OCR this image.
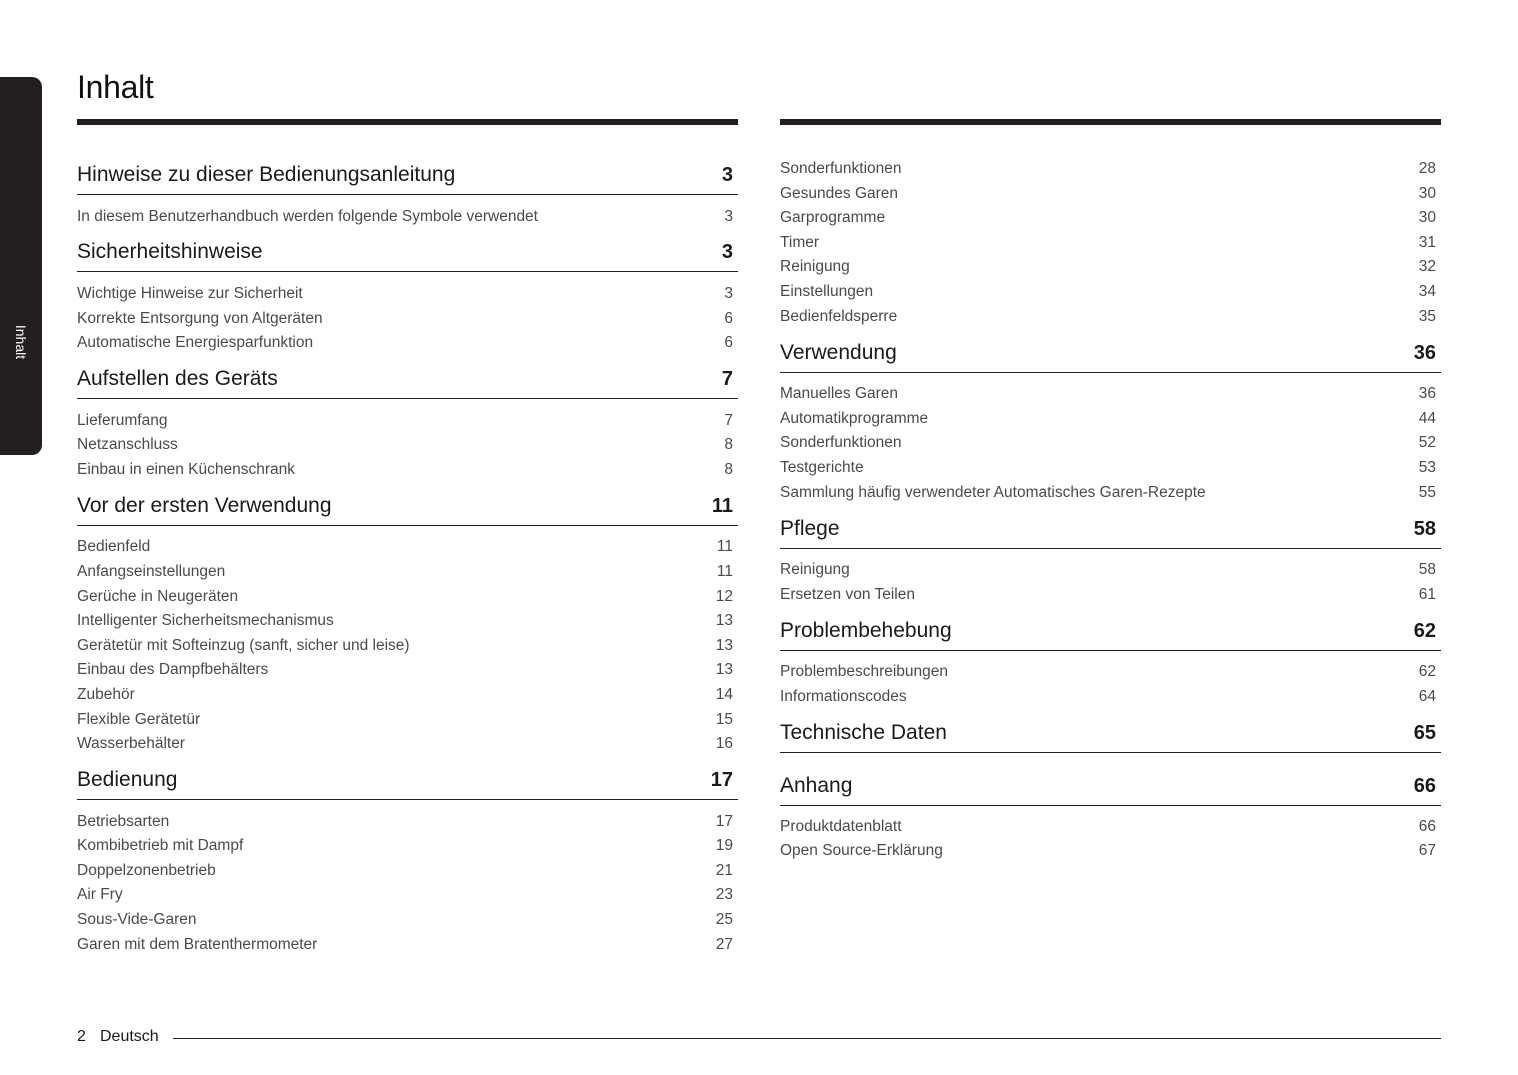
Inhalt
Inhalt
Hinweise zu dieser Bedienungsanleitung	3
In diesem Benutzerhandbuch werden folgende Symbole verwendet	3
Sicherheitshinweise	3
Wichtige Hinweise zur Sicherheit	3
Korrekte Entsorgung von Altgeräten	6
Automatische Energiesparfunktion	6
Aufstellen des Geräts	7
Lieferumfang	7
Netzanschluss	8
Einbau in einen Küchenschrank	8
Vor der ersten Verwendung	11
Bedienfeld	11
Anfangseinstellungen	11
Gerüche in Neugeräten	12
Intelligenter Sicherheitsmechanismus	13
Gerätetür mit Softeinzug (sanft, sicher und leise)	13
Einbau des Dampfbehälters	13
Zubehör	14
Flexible Gerätetür	15
Wasserbehälter	16
Bedienung	17
Betriebsarten	17
Kombibetrieb mit Dampf	19
Doppelzonenbetrieb	21
Air Fry	23
Sous-Vide-Garen	25
Garen mit dem Bratenthermometer	27
Sonderfunktionen	28
Gesundes Garen	30
Garprogramme	30
Timer	31
Reinigung	32
Einstellungen	34
Bedienfeldsperre	35
Verwendung	36
Manuelles Garen	36
Automatikprogramme	44
Sonderfunktionen	52
Testgerichte	53
Sammlung häufig verwendeter Automatisches Garen-Rezepte	55
Pflege	58
Reinigung	58
Ersetzen von Teilen	61
Problembehebung	62
Problembeschreibungen	62
Informationscodes	64
Technische Daten	65
Anhang	66
Produktdatenblatt	66
Open Source-Erklärung	67
2 Deutsch
